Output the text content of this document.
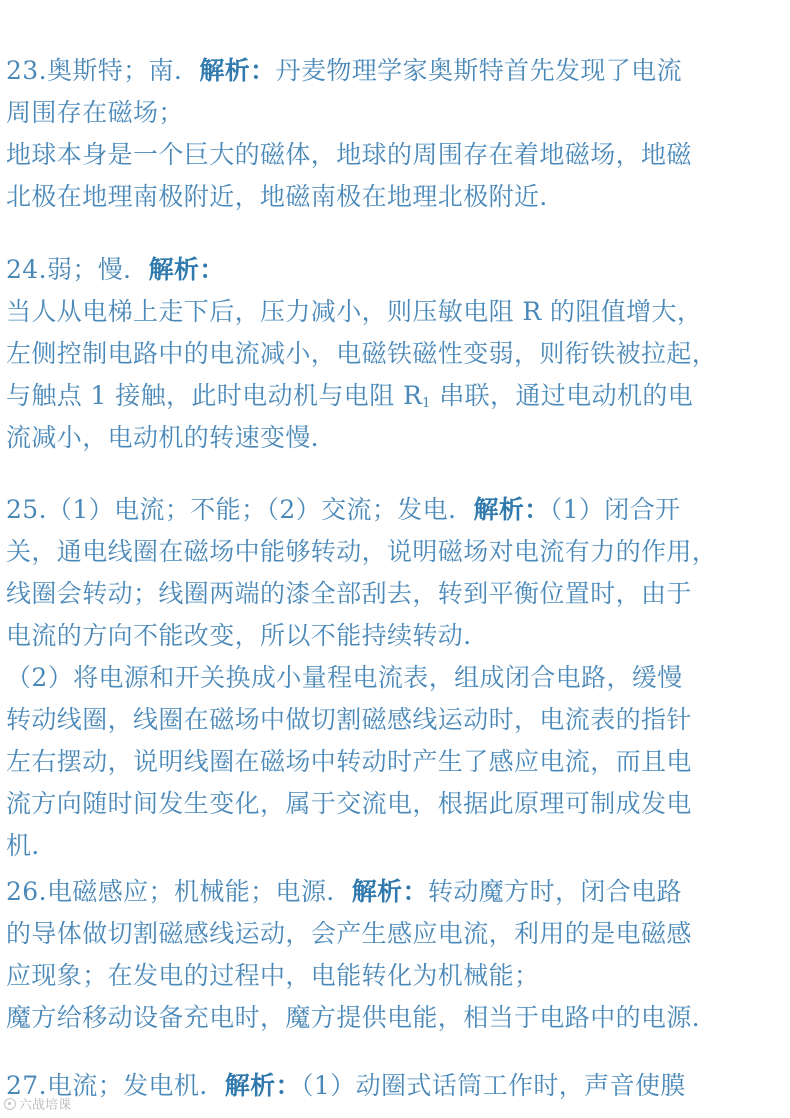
23.奥斯特；南．解析：丹麦物理学家奥斯特首先发现了电流
周围存在磁场；
地球本身是一个巨大的磁体，地球的周围存在着地磁场，地磁
北极在地理南极附近，地磁南极在地理北极附近．
24.弱；慢．解析：
当人从电梯上走下后，压力减小，则压敏电阻 R 的阻值增大，
左侧控制电路中的电流减小，电磁铁磁性变弱，则衔铁被拉起，
与触点 1 接触，此时电动机与电阻 $R_1$ 串联，通过电动机的电
流减小，电动机的转速变慢．
25.（1）电流；不能；（2）交流；发电．解析：（1）闭合开
关，通电线圈在磁场中能够转动，说明磁场对电流有力的作用，
线圈会转动；线圈两端的漆全部刮去，转到平衡位置时，由于
电流的方向不能改变，所以不能持续转动．
（2）将电源和开关换成小量程电流表，组成闭合电路，缓慢
转动线圈，线圈在磁场中做切割磁感线运动时，电流表的指针
左右摆动，说明线圈在磁场中转动时产生了感应电流，而且电
流方向随时间发生变化，属于交流电，根据此原理可制成发电
机．
26.电磁感应；机械能；电源．解析：转动魔方时，闭合电路
的导体做切割磁感线运动，会产生感应电流，利用的是电磁感
应现象；在发电的过程中，电能转化为机械能；
魔方给移动设备充电时，魔方提供电能，相当于电路中的电源．
27.电流；发电机．解析：（1）动圈式话筒工作时，声音使膜
六战培课
